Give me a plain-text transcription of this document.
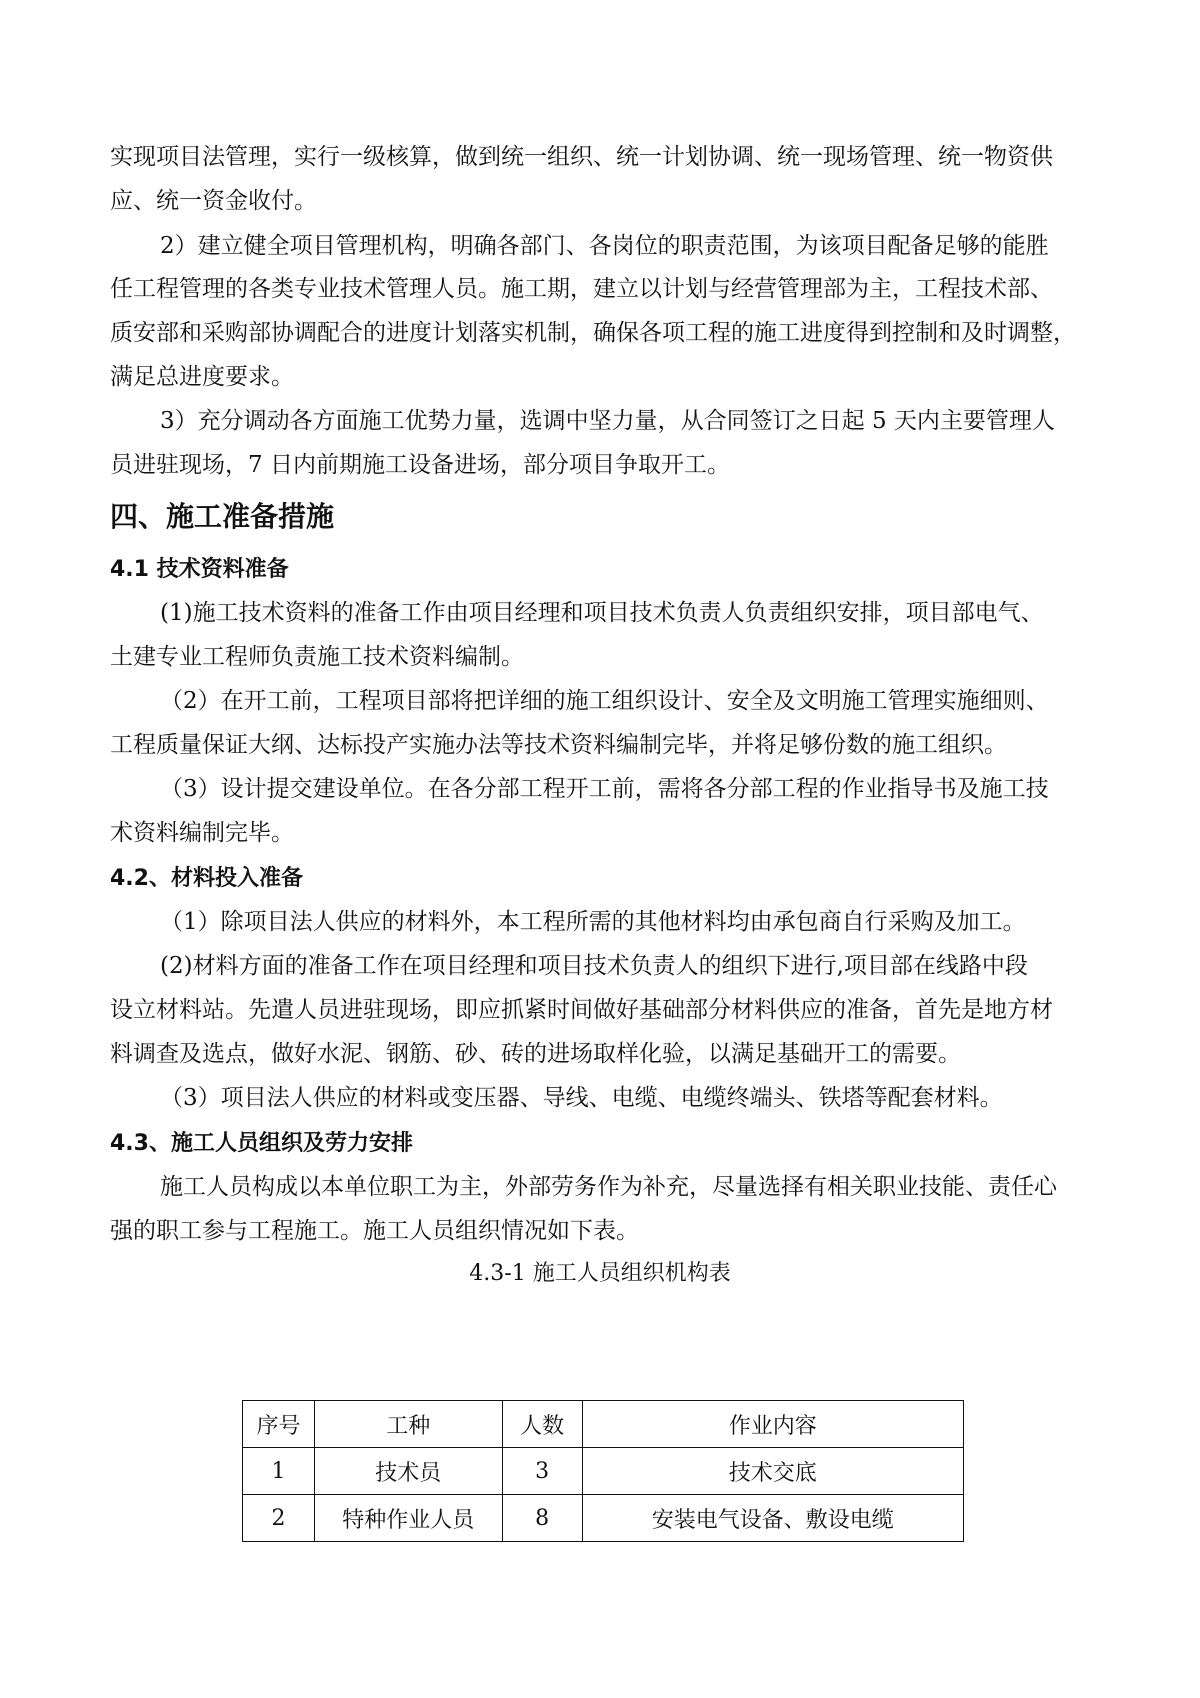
实现项目法管理，实行一级核算，做到统一组织、统一计划协调、统一现场管理、统一物资供
应、统一资金收付。
2）建立健全项目管理机构，明确各部门、各岗位的职责范围，为该项目配备足够的能胜
任工程管理的各类专业技术管理人员。施工期，建立以计划与经营管理部为主，工程技术部、
质安部和采购部协调配合的进度计划落实机制，确保各项工程的施工进度得到控制和及时调整，
满足总进度要求。
3）充分调动各方面施工优势力量，选调中坚力量，从合同签订之日起 5 天内主要管理人
员进驻现场，7 日内前期施工设备进场，部分项目争取开工。
四、施工准备措施
4.1 技术资料准备
(1)施工技术资料的准备工作由项目经理和项目技术负责人负责组织安排，项目部电气、
土建专业工程师负责施工技术资料编制。
（2）在开工前，工程项目部将把详细的施工组织设计、安全及文明施工管理实施细则、
工程质量保证大纲、达标投产实施办法等技术资料编制完毕，并将足够份数的施工组织。
（3）设计提交建设单位。在各分部工程开工前，需将各分部工程的作业指导书及施工技
术资料编制完毕。
4.2、材料投入准备
（1）除项目法人供应的材料外，本工程所需的其他材料均由承包商自行采购及加工。
(2)材料方面的准备工作在项目经理和项目技术负责人的组织下进行,项目部在线路中段
设立材料站。先遣人员进驻现场，即应抓紧时间做好基础部分材料供应的准备，首先是地方材
料调查及选点，做好水泥、钢筋、砂、砖的进场取样化验，以满足基础开工的需要。
（3）项目法人供应的材料或变压器、导线、电缆、电缆终端头、铁塔等配套材料。
4.3、施工人员组织及劳力安排
施工人员构成以本单位职工为主，外部劳务作为补充，尽量选择有相关职业技能、责任心
强的职工参与工程施工。施工人员组织情况如下表。
4.3-1 施工人员组织机构表
序号	工种	人数	作业内容
1	技术员	3	技术交底
2	特种作业人员	8	安装电气设备、敷设电缆
